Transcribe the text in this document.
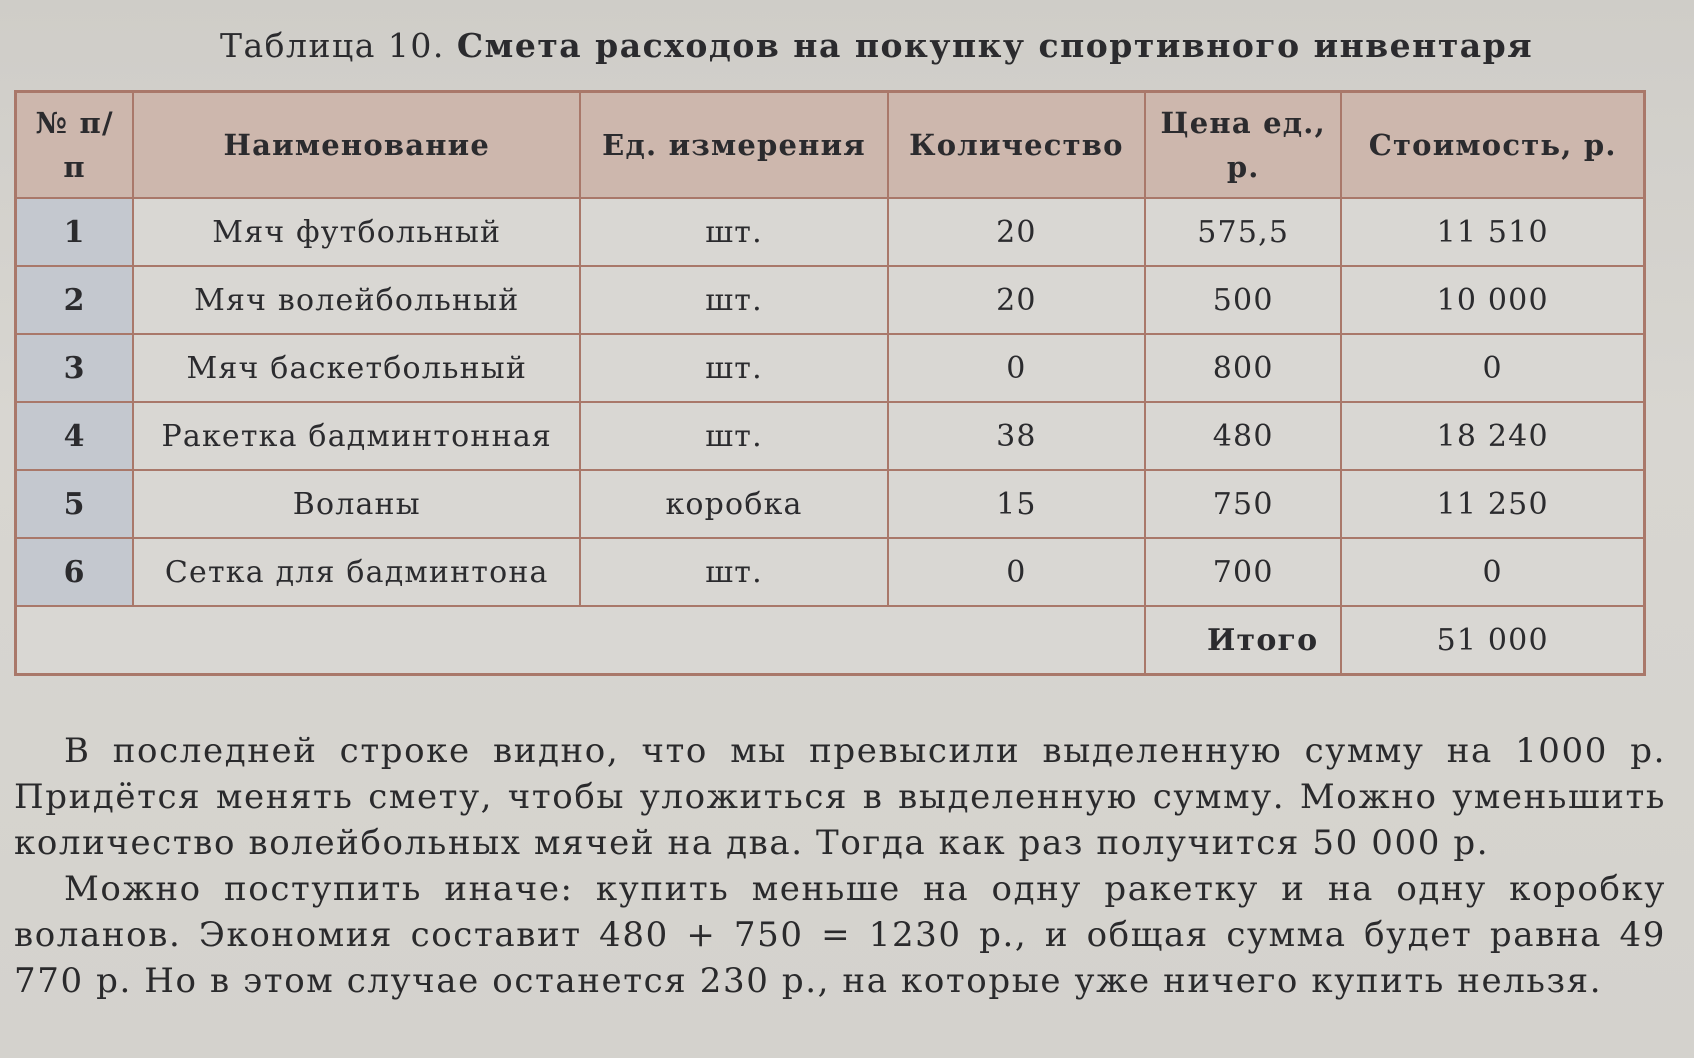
Таблица 10. Смета расходов на покупку спортивного инвентаря
№ п/п	Наименование	Ед. измерения	Количество	Цена ед., р.	Стоимость, р.
1	Мяч футбольный	шт.	20	575,5	11 510
2	Мяч волейбольный	шт.	20	500	10 000
3	Мяч баскетбольный	шт.	0	800	0
4	Ракетка бадминтонная	шт.	38	480	18 240
5	Воланы	коробка	15	750	11 250
6	Сетка для бадминтона	шт.	0	700	0
				Итого	51 000

В последней строке видно, что мы превысили выделенную сумму на 1000 р. Придётся менять смету, чтобы уложиться в выделенную сумму. Можно уменьшить количество волейбольных мячей на два. Тогда как раз получится 50 000 р.

Можно поступить иначе: купить меньше на одну ракетку и на одну коробку воланов. Экономия составит 480 + 750 = 1230 р., и общая сумма будет равна 49 770 р. Но в этом случае останется 230 р., на которые уже ничего купить нельзя.
